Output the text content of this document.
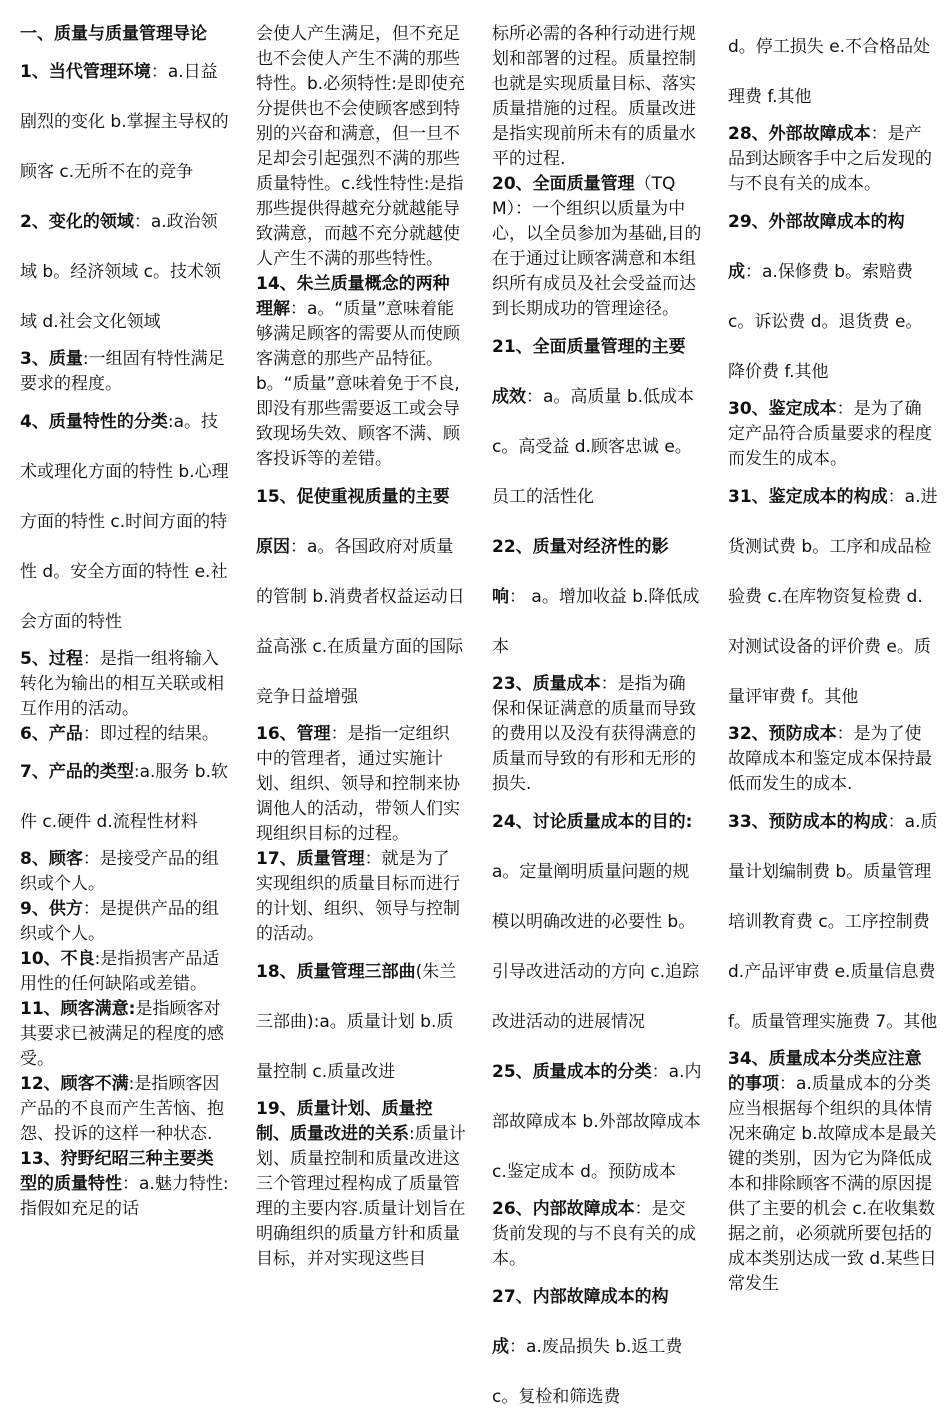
一、质量与质量管理导论

1、当代管理环境：a.日益剧烈的变化 b.掌握主导权的顾客 c.无所不在的竞争

2、变化的领域：a.政治领域 b。经济领域 c。技术领域 d.社会文化领域

3、质量:一组固有特性满足要求的程度。

4、质量特性的分类:a。技术或理化方面的特性 b.心理方面的特性 c.时间方面的特性 d。安全方面的特性 e.社会方面的特性

5、过程：是指一组将输入转化为输出的相互关联或相互作用的活动。

6、产品：即过程的结果。

7、产品的类型:a.服务 b.软件 c.硬件 d.流程性材料

8、顾客：是接受产品的组织或个人。

9、供方：是提供产品的组织或个人。

10、不良:是指损害产品适用性的任何缺陷或差错。

11、顾客满意:是指顾客对其要求已被满足的程度的感受。

12、顾客不满:是指顾客因产品的不良而产生苦恼、抱怨、投诉的这样一种状态.

13、狩野纪昭三种主要类型的质量特性：a.魅力特性:指假如充足的话

会使人产生满足，但不充足也不会使人产生不满的那些特性。b.必须特性:是即使充分提供也不会使顾客感到特别的兴奋和满意，但一旦不足却会引起强烈不满的那些质量特性。c.线性特性:是指那些提供得越充分就越能导致满意，而越不充分就越使人产生不满的那些特性。

14、朱兰质量概念的两种理解：a。“质量”意味着能够满足顾客的需要从而使顾客满意的那些产品特征。b。“质量”意味着免于不良,即没有那些需要返工或会导致现场失效、顾客不满、顾客投诉等的差错。

15、促使重视质量的主要原因：a。各国政府对质量的管制 b.消费者权益运动日益高涨 c.在质量方面的国际竞争日益增强

16、管理：是指一定组织中的管理者，通过实施计划、组织、领导和控制来协调他人的活动，带领人们实现组织目标的过程。

17、质量管理：就是为了实现组织的质量目标而进行的计划、组织、领导与控制的活动。

18、质量管理三部曲(朱兰三部曲):a。质量计划 b.质量控制 c.质量改进

19、质量计划、质量控制、质量改进的关系:质量计划、质量控制和质量改进这三个管理过程构成了质量管理的主要内容.质量计划旨在明确组织的质量方针和质量目标，并对实现这些目

标所必需的各种行动进行规划和部署的过程。质量控制也就是实现质量目标、落实质量措施的过程。质量改进是指实现前所未有的质量水平的过程.

20、全面质量管理（TQM）：一个组织以质量为中心，以全员参加为基础,目的在于通过让顾客满意和本组织所有成员及社会受益而达到长期成功的管理途径。

21、全面质量管理的主要成效：a。高质量 b.低成本 c。高受益 d.顾客忠诚 e。员工的活性化

22、质量对经济性的影响： a。增加收益 b.降低成本

23、质量成本：是指为确保和保证满意的质量而导致的费用以及没有获得满意的质量而导致的有形和无形的损失.

24、讨论质量成本的目的:a。定量阐明质量问题的规模以明确改进的必要性 b。引导改进活动的方向 c.追踪改进活动的进展情况

25、质量成本的分类：a.内部故障成本 b.外部故障成本 c.鉴定成本 d。预防成本

26、内部故障成本：是交货前发现的与不良有关的成本。

27、内部故障成本的构成：a.废品损失 b.返工费 c。复检和筛选费

d。停工损失 e.不合格品处理费 f.其他

28、外部故障成本：是产品到达顾客手中之后发现的与不良有关的成本。

29、外部故障成本的构成：a.保修费 b。索赔费 c。诉讼费 d。退货费 e。降价费 f.其他

30、鉴定成本：是为了确定产品符合质量要求的程度而发生的成本。

31、鉴定成本的构成：a.进货测试费 b。工序和成品检验费 c.在库物资复检费 d.对测试设备的评价费 e。质量评审费 f。其他

32、预防成本：是为了使故障成本和鉴定成本保持最低而发生的成本.

33、预防成本的构成：a.质量计划编制费 b。质量管理培训教育费 c。工序控制费 d.产品评审费 e.质量信息费 f。质量管理实施费 7。其他

34、质量成本分类应注意的事项：a.质量成本的分类应当根据每个组织的具体情况来确定 b.故障成本是最关键的类别，因为它为降低成本和排除顾客不满的原因提供了主要的机会 c.在收集数据之前，必须就所要包括的成本类别达成一致 d.某些日常发生
